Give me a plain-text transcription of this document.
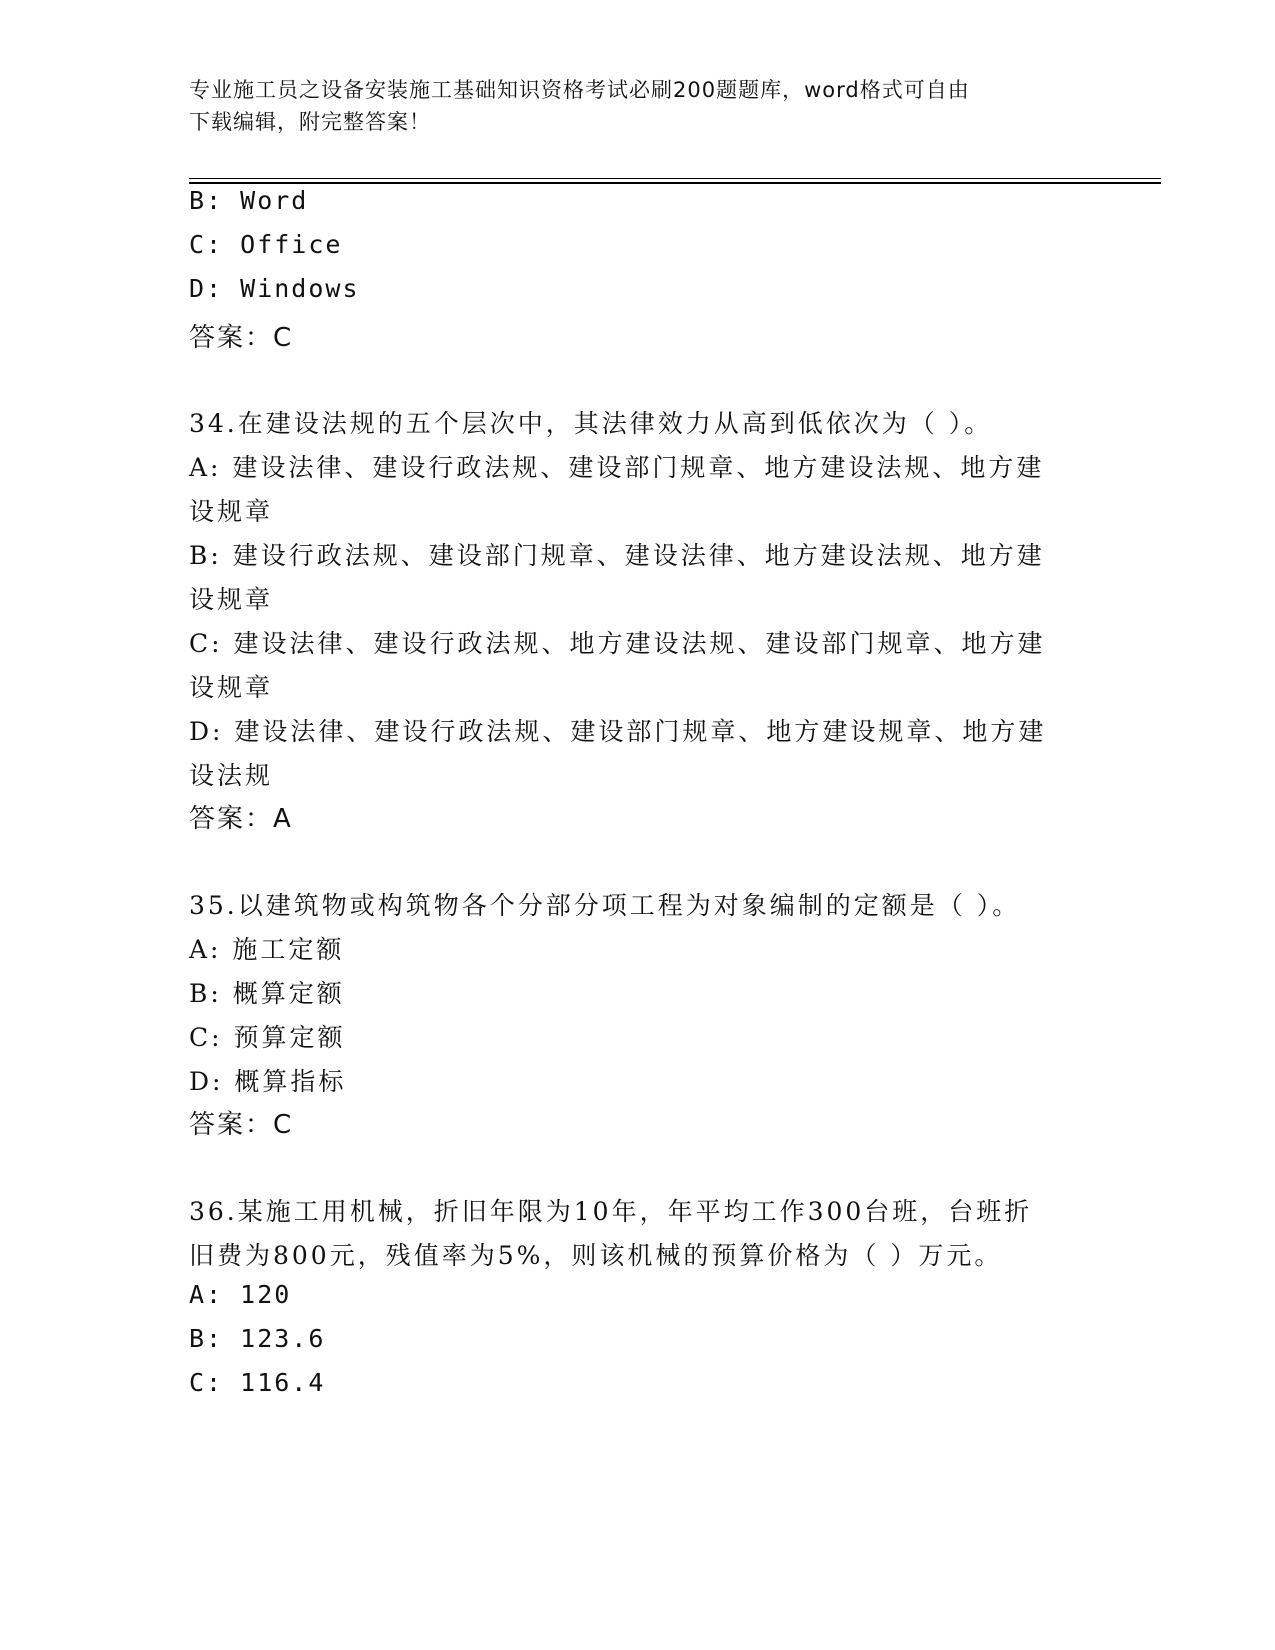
专业施工员之设备安装施工基础知识资格考试必刷200题题库，word格式可自由
下载编辑，附完整答案！
B: Word
C: Office
D: Windows
答案：C
34.在建设法规的五个层次中，其法律效力从高到低依次为（ ）。
A: 建设法律、建设行政法规、建设部门规章、地方建设法规、地方建
设规章
B: 建设行政法规、建设部门规章、建设法律、地方建设法规、地方建
设规章
C: 建设法律、建设行政法规、地方建设法规、建设部门规章、地方建
设规章
D: 建设法律、建设行政法规、建设部门规章、地方建设规章、地方建
设法规
答案：A
35.以建筑物或构筑物各个分部分项工程为对象编制的定额是（ ）。
A: 施工定额
B: 概算定额
C: 预算定额
D: 概算指标
答案：C
36.某施工用机械，折旧年限为10年，年平均工作300台班，台班折
旧费为800元，残值率为5%，则该机械的预算价格为（ ）万元。
A: 120
B: 123.6
C: 116.4
